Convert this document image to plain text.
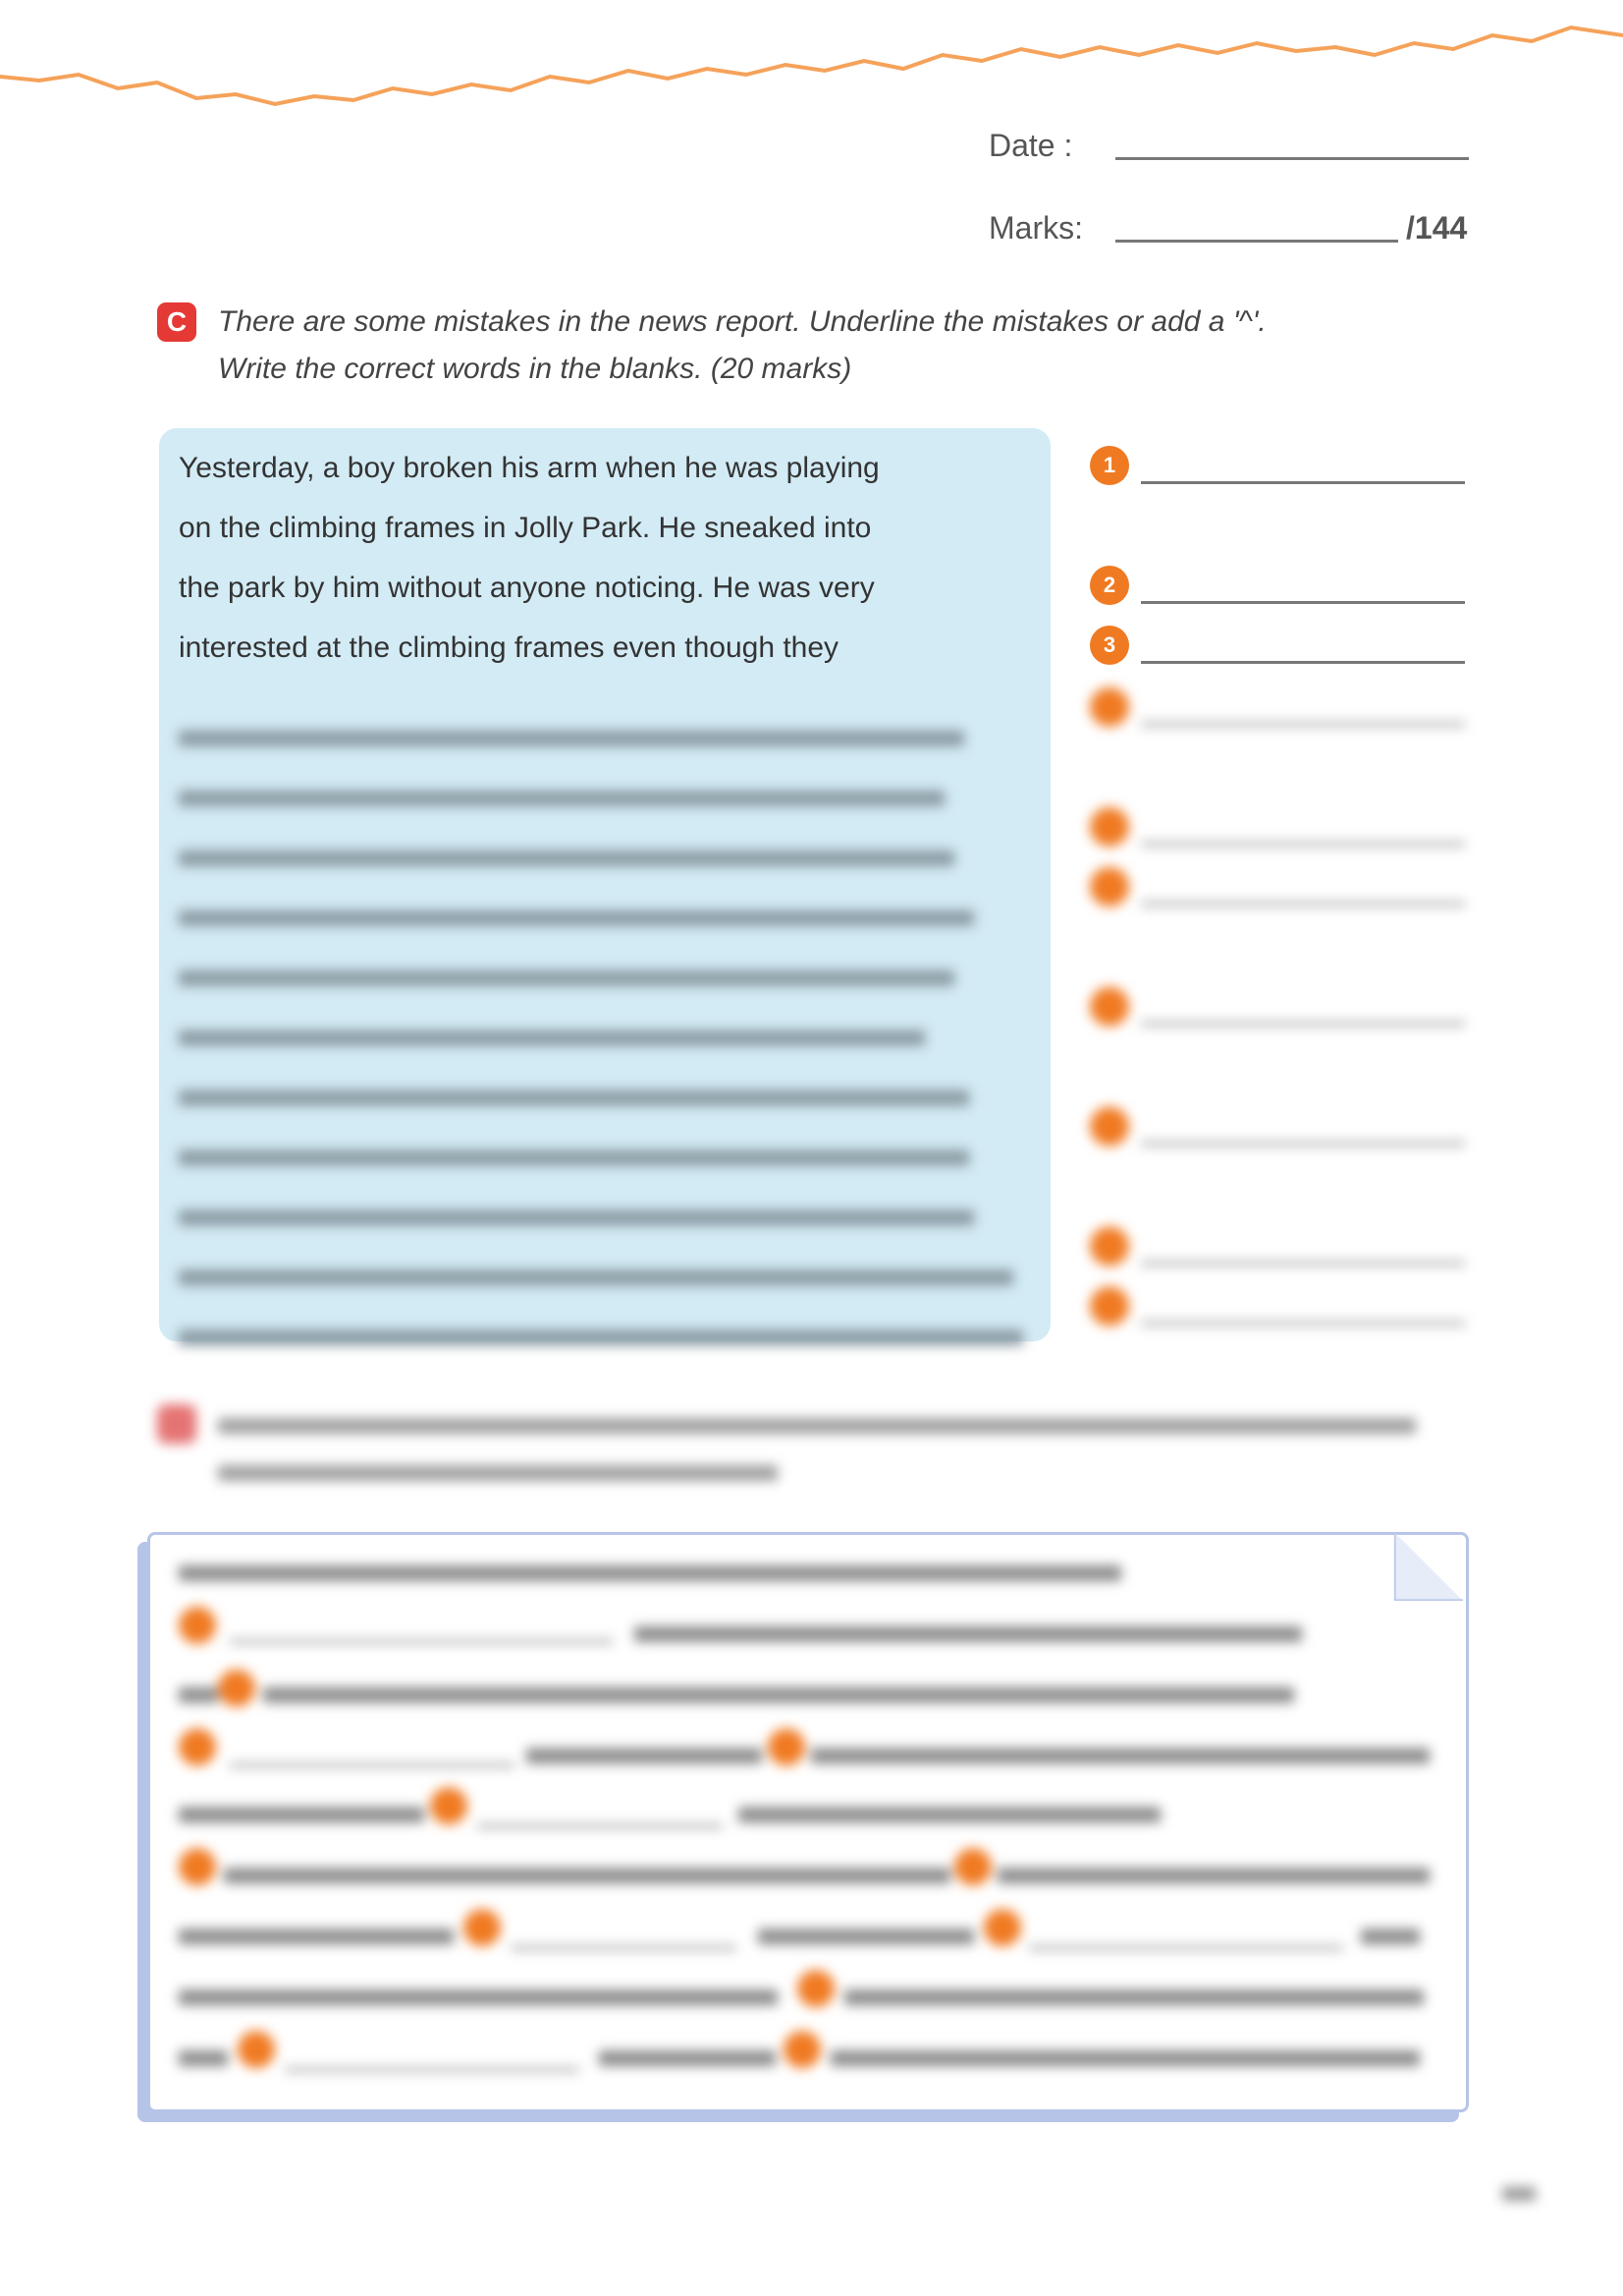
Date :
Marks:	/144
C	There are some mistakes in the news report. Underline the mistakes or add a '^'.
Write the correct words in the blanks. (20 marks)
Yesterday, a boy broken his arm when he was playing
on the climbing frames in Jolly Park. He sneaked into
the park by him without anyone noticing. He was very
interested at the climbing frames even though they
1
2
3
